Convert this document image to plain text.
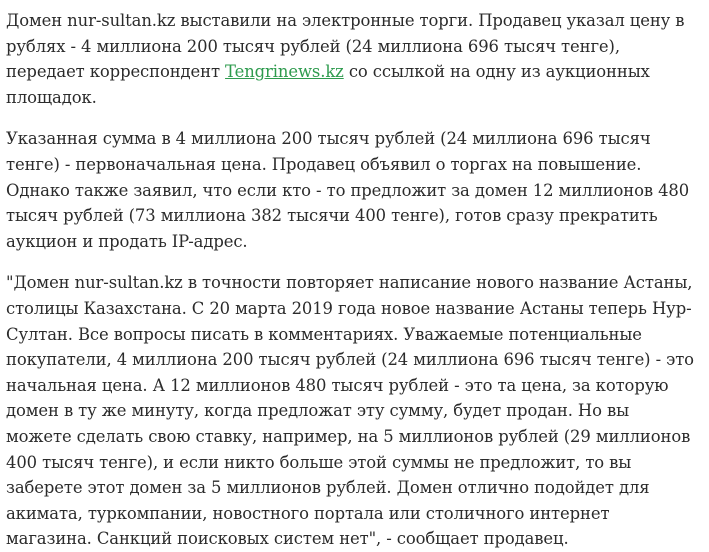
Домен nur-sultan.kz выставили на электронные торги. Продавец указал цену в рублях - 4 миллиона 200 тысяч рублей (24 миллиона 696 тысяч тенге), передает корреспондент Tengrinews.kz со ссылкой на одну из аукционных площадок.

Указанная сумма в 4 миллиона 200 тысяч рублей (24 миллиона 696 тысяч тенге) - первоначальная цена. Продавец объявил о торгах на повышение. Однако также заявил, что если кто - то предложит за домен 12 миллионов 480 тысяч рублей (73 миллиона 382 тысячи 400 тенге), готов сразу прекратить аукцион и продать IP-адрес.

"Домен nur-sultan.kz в точности повторяет написание нового название Астаны, столицы Казахстана. С 20 марта 2019 года новое название Астаны теперь Нур-Султан. Все вопросы писать в комментариях. Уважаемые потенциальные покупатели, 4 миллиона 200 тысяч рублей (24 миллиона 696 тысяч тенге) - это начальная цена. А 12 миллионов 480 тысяч рублей - это та цена, за которую домен в ту же минуту, когда предложат эту сумму, будет продан. Но вы можете сделать свою ставку, например, на 5 миллионов рублей (29 миллионов 400 тысяч тенге), и если никто больше этой суммы не предложит, то вы заберете этот домен за 5 миллионов рублей. Домен отлично подойдет для акимата, туркомпании, новостного портала или столичного интернет магазина. Санкций поисковых систем нет", - сообщает продавец.
